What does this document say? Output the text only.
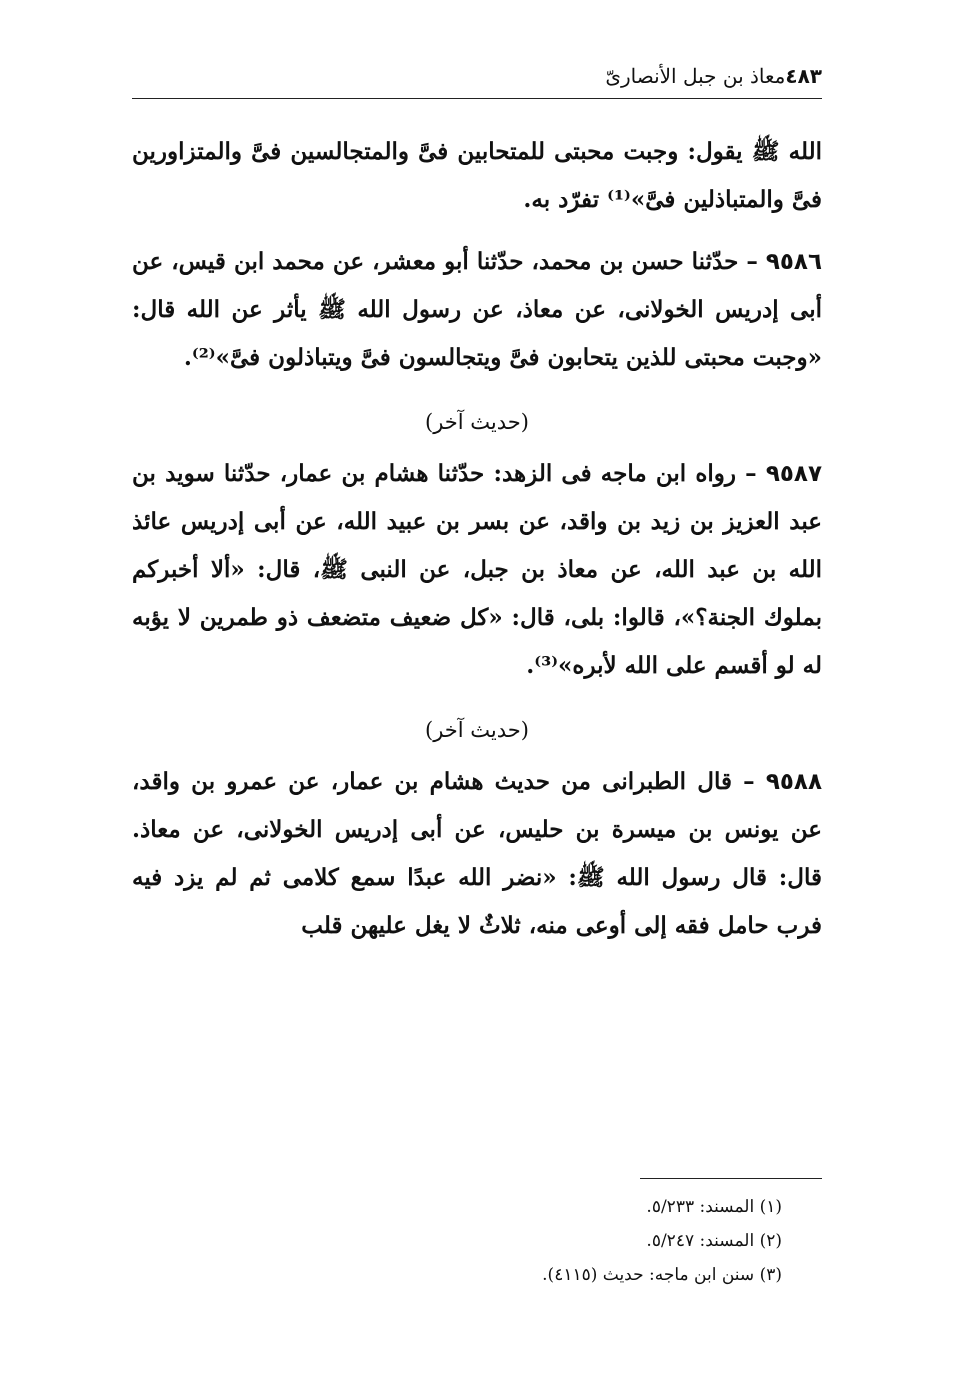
معاذ بن جبل الأنصارىّ ٤٨٣

الله ﷺ يقول: وجبت محبتى للمتحابين فىَّ والمتجالسين فىَّ والمتزاورين فىَّ والمتباذلين فىَّ»⁽¹⁾ تفرّد به.

٩٥٨٦ – حدّثنا حسن بن محمد، حدّثنا أبو معشر، عن محمد ابن قيس، عن أبى إدريس الخولانى، عن معاذ، عن رسول الله ﷺ يأثر عن الله قال: «وجبت محبتى للذين يتحابون فىَّ ويتجالسون فىَّ ويتباذلون فىَّ»⁽²⁾.

(حديث آخر)

٩٥٨٧ – رواه ابن ماجه فى الزهد: حدّثنا هشام بن عمار، حدّثنا سويد بن عبد العزيز بن زيد بن واقد، عن بسر بن عبيد الله، عن أبى إدريس عائذ الله بن عبد الله، عن معاذ بن جبل، عن النبى ﷺ، قال: «ألا أخبركم بملوك الجنة؟»، قالوا: بلى، قال: «كل ضعيف متضعف ذو طمرين لا يؤبه له لو أقسم على الله لأبره»⁽³⁾.

(حديث آخر)

٩٥٨٨ – قال الطبرانى من حديث هشام بن عمار، عن عمرو بن واقد، عن يونس بن ميسرة بن حليس، عن أبى إدريس الخولانى، عن معاذ. قال: قال رسول الله ﷺ: «نضر الله عبدًا سمع كلامى ثم لم يزد فيه فرب حامل فقه إلى أوعى منه، ثلاثٌ لا يغل عليهن قلب

(١) المسند: ٥/٢٣٣.
(٢) المسند: ٥/٢٤٧.
(٣) سنن ابن ماجه: حديث (٤١١٥).
